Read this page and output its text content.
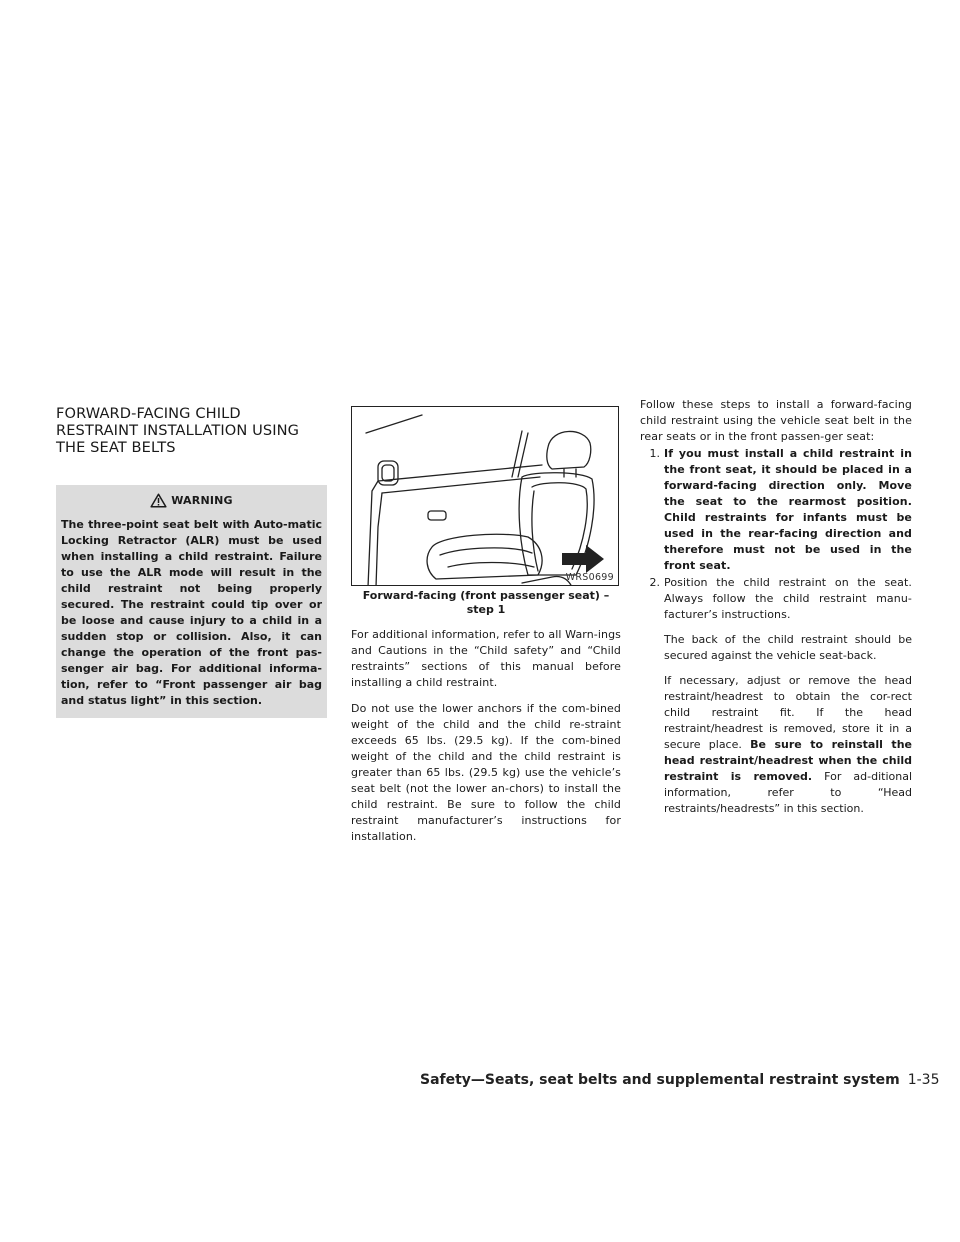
FORWARD-FACING CHILD
RESTRAINT INSTALLATION USING
THE SEAT BELTS
WARNING

The three-point seat belt with Auto-matic Locking Retractor (ALR) must be used when installing a child restraint. Failure to use the ALR mode will result in the child restraint not being properly secured. The restraint could tip over or be loose and cause injury to a child in a sudden stop or collision. Also, it can change the operation of the front pas-senger air bag. For additional informa-tion, refer to “Front passenger air bag and status light” in this section.

WRS0699

Forward-facing (front passenger seat) –
step 1

For additional information, refer to all Warn-ings and Cautions in the “Child safety” and “Child restraints” sections of this manual before installing a child restraint.

Do not use the lower anchors if the com-bined weight of the child and the child re-straint exceeds 65 lbs. (29.5 kg). If the com-bined weight of the child and the child restraint is greater than 65 lbs. (29.5 kg) use the vehicle’s seat belt (not the lower an-chors) to install the child restraint. Be sure to follow the child restraint manufacturer’s instructions for installation.

Follow these steps to install a forward-facing child restraint using the vehicle seat belt in the rear seats or in the front passen-ger seat:

1. If you must install a child restraint in the front seat, it should be placed in a forward-facing direction only. Move the seat to the rearmost position. Child restraints for infants must be used in the rear-facing direction and therefore must not be used in the front seat.

2. Position the child restraint on the seat. Always follow the child restraint manu-facturer’s instructions.

The back of the child restraint should be secured against the vehicle seat-back.

If necessary, adjust or remove the head restraint/headrest to obtain the cor-rect child restraint fit. If the head restraint/headrest is removed, store it in a secure place. Be sure to reinstall the head restraint/headrest when the child restraint is removed. For ad-ditional information, refer to “Head restraints/headrests” in this section.

Safety—Seats, seat belts and supplemental restraint system 1-35
